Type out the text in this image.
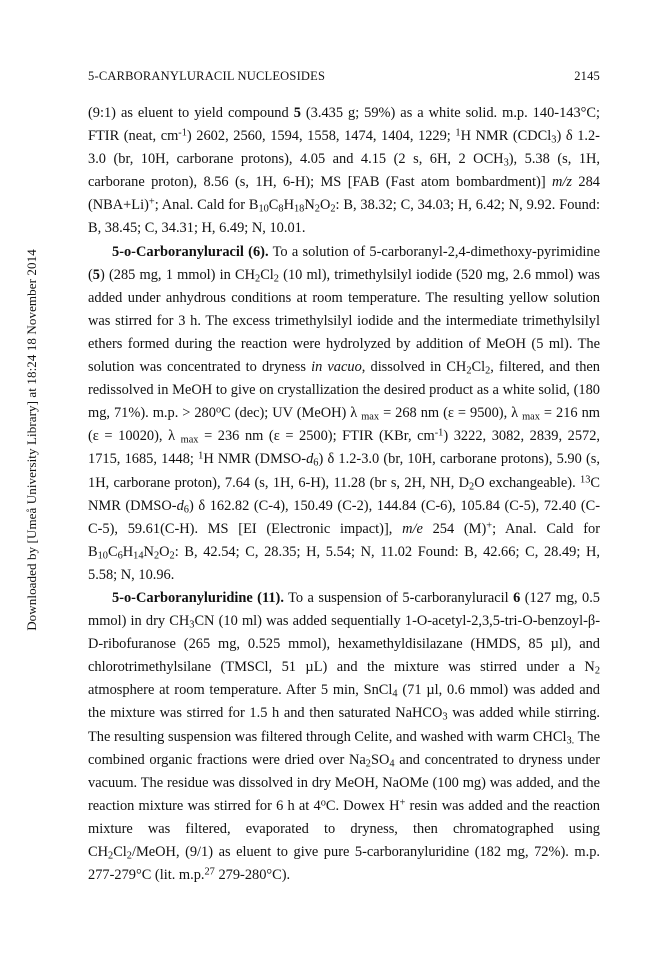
Downloaded by [Umeå University Library] at 18:24 18 November 2014
5-CARBORANYLURACIL NUCLEOSIDES	2145

(9:1) as eluent to yield compound 5 (3.435 g; 59%) as a white solid. m.p. 140-143°C; FTIR (neat, $cm^{-1}$) 2602, 2560, 1594, 1558, 1474, 1404, 1229; $^1$H NMR (CDCl$_3$) δ 1.2-3.0 (br, 10H, carborane protons), 4.05 and 4.15 (2 s, 6H, 2 $OCH_3$), 5.38 (s, 1H, carborane proton), 8.56 (s, 1H, 6-H); MS [FAB (Fast atom bombardment)] m/z 284 (NBA+Li)+; Anal. Cald for $B_{10}C_8H_{18}N_2O_2$: B, 38.32; C, 34.03; H, 6.42; N, 9.92. Found: B, 38.45; C, 34.31; H, 6.49; N, 10.01.

5-o-Carboranyluracil (6). To a solution of 5-carboranyl-2,4-dimethoxy-pyrimidine (5) (285 mg, 1 mmol) in $CH_2Cl_2$ (10 ml), trimethylsilyl iodide (520 mg, 2.6 mmol) was added under anhydrous conditions at room temperature. The resulting yellow solution was stirred for 3 h. The excess trimethylsilyl iodide and the intermediate trimethylsilyl ethers formed during the reaction were hydrolyzed by addition of MeOH (5 ml). The solution was concentrated to dryness in vacuo, dissolved in $CH_2Cl_2$, filtered, and then redissolved in MeOH to give on crystallization the desired product as a white solid, (180 mg, 71%). m.p. > $280^oC$ (dec); UV (MeOH) λ $_{max}$ = 268 nm (ε = 9500), λ $_{max}$ = 216 nm (ε = 10020), λ $_{max}$ = 236 nm (ε = 2500); FTIR (KBr, $cm^{-1}$) 3222, 3082, 2839, 2572, 1715, 1685, 1448; $^1$H NMR $(DMSO-d_6)$ δ 1.2-3.0 (br, 10H, carborane protons), 5.90 (s, 1H, carborane proton), 7.64 (s, 1H, 6-H), 11.28 (br s, 2H, NH, $D_2O$ exchangeable). $^{13}$C NMR $(DMSO-d_6)$ δ 162.82 (C-4), 150.49 (C-2), 144.84 (C-6), 105.84 (C-5), 72.40 (C-C-5), 59.61(C-H). MS [EI (Electronic impact)], m/e 254 (M)+; Anal. Cald for $B_{10}C_6H_{14}N_2O_2$: B, 42.54; C, 28.35; H, 5.54; N, 11.02 Found: B, 42.66; C, 28.49; H, 5.58; N, 10.96.

5-o-Carboranyluridine (11). To a suspension of 5-carboranyluracil 6 (127 mg, 0.5 mmol) in dry $CH_3CN$ (10 ml) was added sequentially 1-O-acetyl-2,3,5-tri-O-benzoyl-β-D-ribofuranose (265 mg, 0.525 mmol), hexamethyldisilazane (HMDS, 85 µl), and chlorotrimethylsilane (TMSCl, 51 µL) and the mixture was stirred under a $N_2$ atmosphere at room temperature. After 5 min, SnCl$_4$ (71 µl, 0.6 mmol) was added and the mixture was stirred for 1.5 h and then saturated NaHCO$_3$ was added while stirring. The resulting suspension was filtered through Celite, and washed with warm CHCl$_{3.}$ The combined organic fractions were dried over $Na_2SO_4$ and concentrated to dryness under vacuum. The residue was dissolved in dry MeOH, NaOMe (100 mg) was added, and the reaction mixture was stirred for 6 h at 4$^o$C. Dowex H+ resin was added and the reaction mixture was filtered, evaporated to dryness, then chromatographed using $CH_2Cl_2$/MeOH, (9/1) as eluent to give pure 5-carboranyluridine (182 mg, 72%). m.p. 277-279°C (lit. m.p.$^{27}$ 279-280°C).
